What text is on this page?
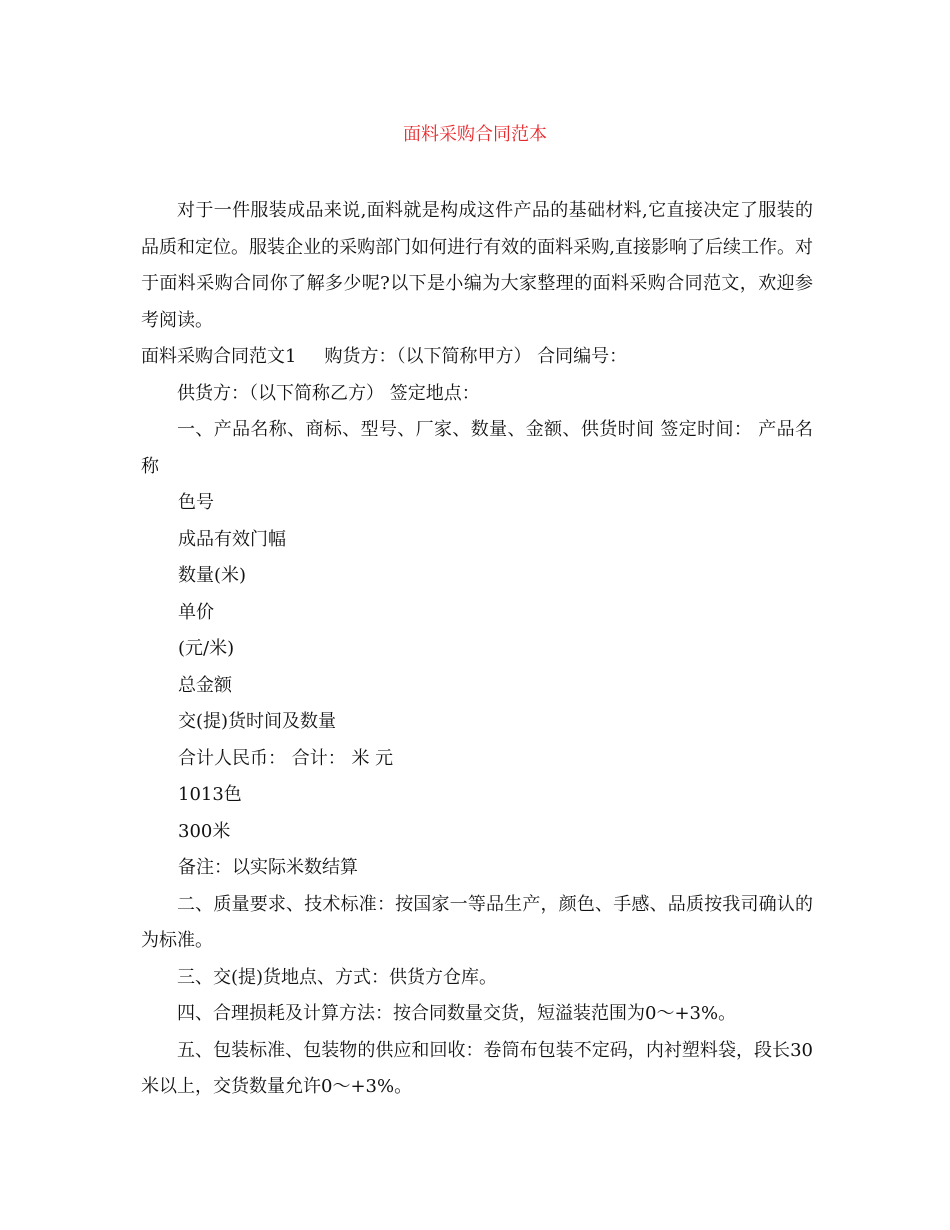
面料采购合同范本

对于一件服装成品来说,面料就是构成这件产品的基础材料,它直接决定了服装的品质和定位。服装企业的采购部门如何进行有效的面料采购,直接影响了后续工作。对于面料采购合同你了解多少呢?以下是小编为大家整理的面料采购合同范文，欢迎参考阅读。

面料采购合同范文1 购货方：（以下简称甲方） 合同编号：

供货方：（以下简称乙方） 签定地点：

一、产品名称、商标、型号、厂家、数量、金额、供货时间 签定时间： 产品名称

色号

成品有效门幅

数量(米)

单价

(元/米)

总金额

交(提)货时间及数量

合计人民币： 合计： 米 元

1013色

300米

备注：以实际米数结算

二、质量要求、技术标准：按国家一等品生产，颜色、手感、品质按我司确认的为标准。

三、交(提)货地点、方式：供货方仓库。

四、合理损耗及计算方法：按合同数量交货，短溢装范围为0～+3%。

五、包装标准、包装物的供应和回收：卷筒布包装不定码，内衬塑料袋，段长30米以上，交货数量允许0～+3%。
